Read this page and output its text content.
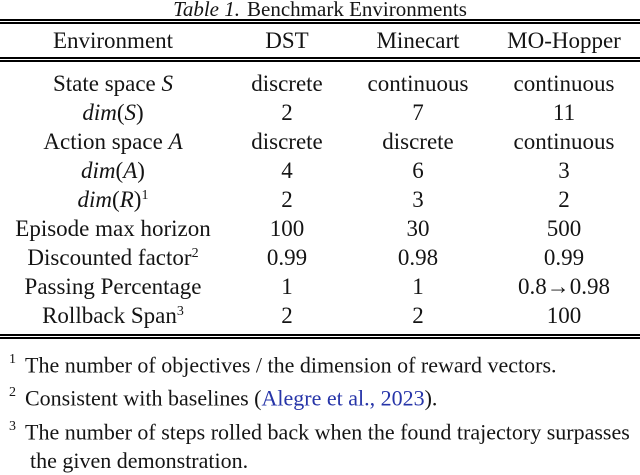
Table 1. Benchmark Environments
Environment	DST	Minecart	MO-Hopper
State space S	discrete	continuous	continuous
dim(S)	2	7	11
Action space A	discrete	discrete	continuous
dim(A)	4	6	3
$dim(R)^1$	2	3	2
Episode max horizon	100	30	500
Discounted factor$^2$	0.99	0.98	0.99
Passing Percentage	1	1	0.8→0.98
Rollback Span$^3$	2	2	100
$^1$ The number of objectives / the dimension of reward vectors.
$^2$ Consistent with baselines (Alegre et al., 2023).
$^3$ The number of steps rolled back when the found trajectory surpasses the given demonstration.
